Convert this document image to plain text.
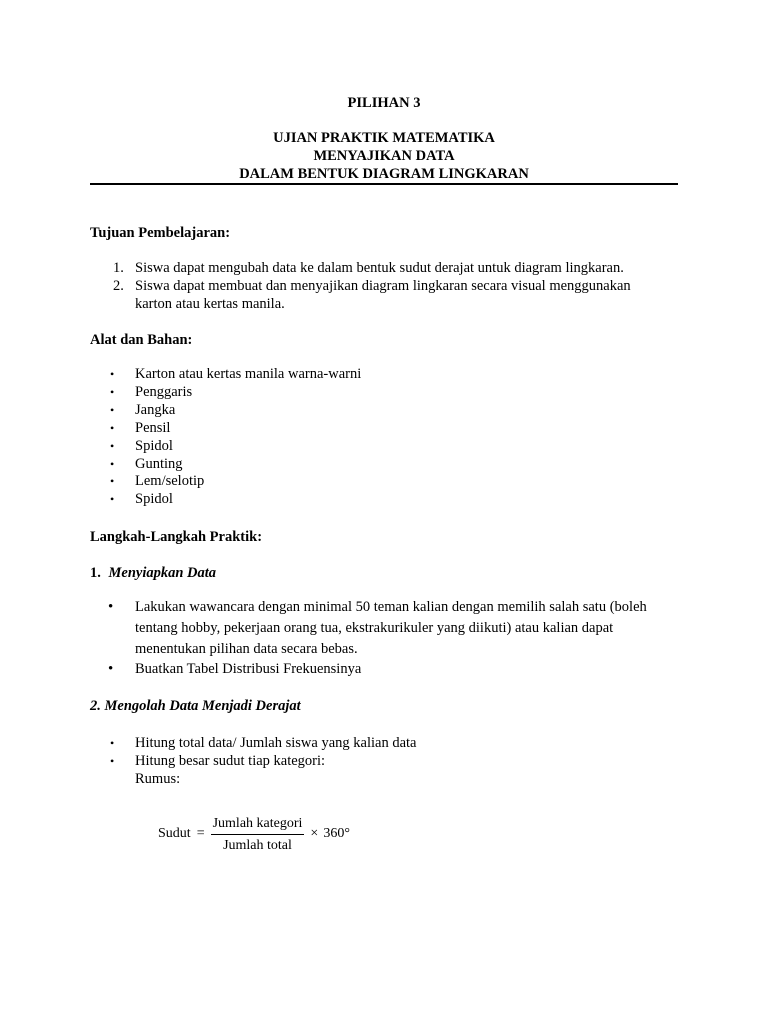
PILIHAN 3
UJIAN PRAKTIK MATEMATIKA
MENYAJIKAN DATA
DALAM BENTUK DIAGRAM LINGKARAN
Tujuan Pembelajaran:
1. Siswa dapat mengubah data ke dalam bentuk sudut derajat untuk diagram lingkaran.
2. Siswa dapat membuat dan menyajikan diagram lingkaran secara visual menggunakan
karton atau kertas manila.
Alat dan Bahan:
• Karton atau kertas manila warna-warni
• Penggaris
• Jangka
• Pensil
• Spidol
• Gunting
• Lem/selotip
• Spidol
Langkah-Langkah Praktik:
1. Menyiapkan Data
• Lakukan wawancara dengan minimal 50 teman kalian dengan memilih salah satu (boleh
tentang hobby, pekerjaan orang tua, ekstrakurikuler yang diikuti) atau kalian dapat
menentukan pilihan data secara bebas.
• Buatkan Tabel Distribusi Frekuensinya
2. Mengolah Data Menjadi Derajat
• Hitung total data/ Jumlah siswa yang kalian data
• Hitung besar sudut tiap kategori:
Rumus:
Sudut = $\frac{\text{Jumlah kategori}}{\text{Jumlah total}} \times 360^\circ$
